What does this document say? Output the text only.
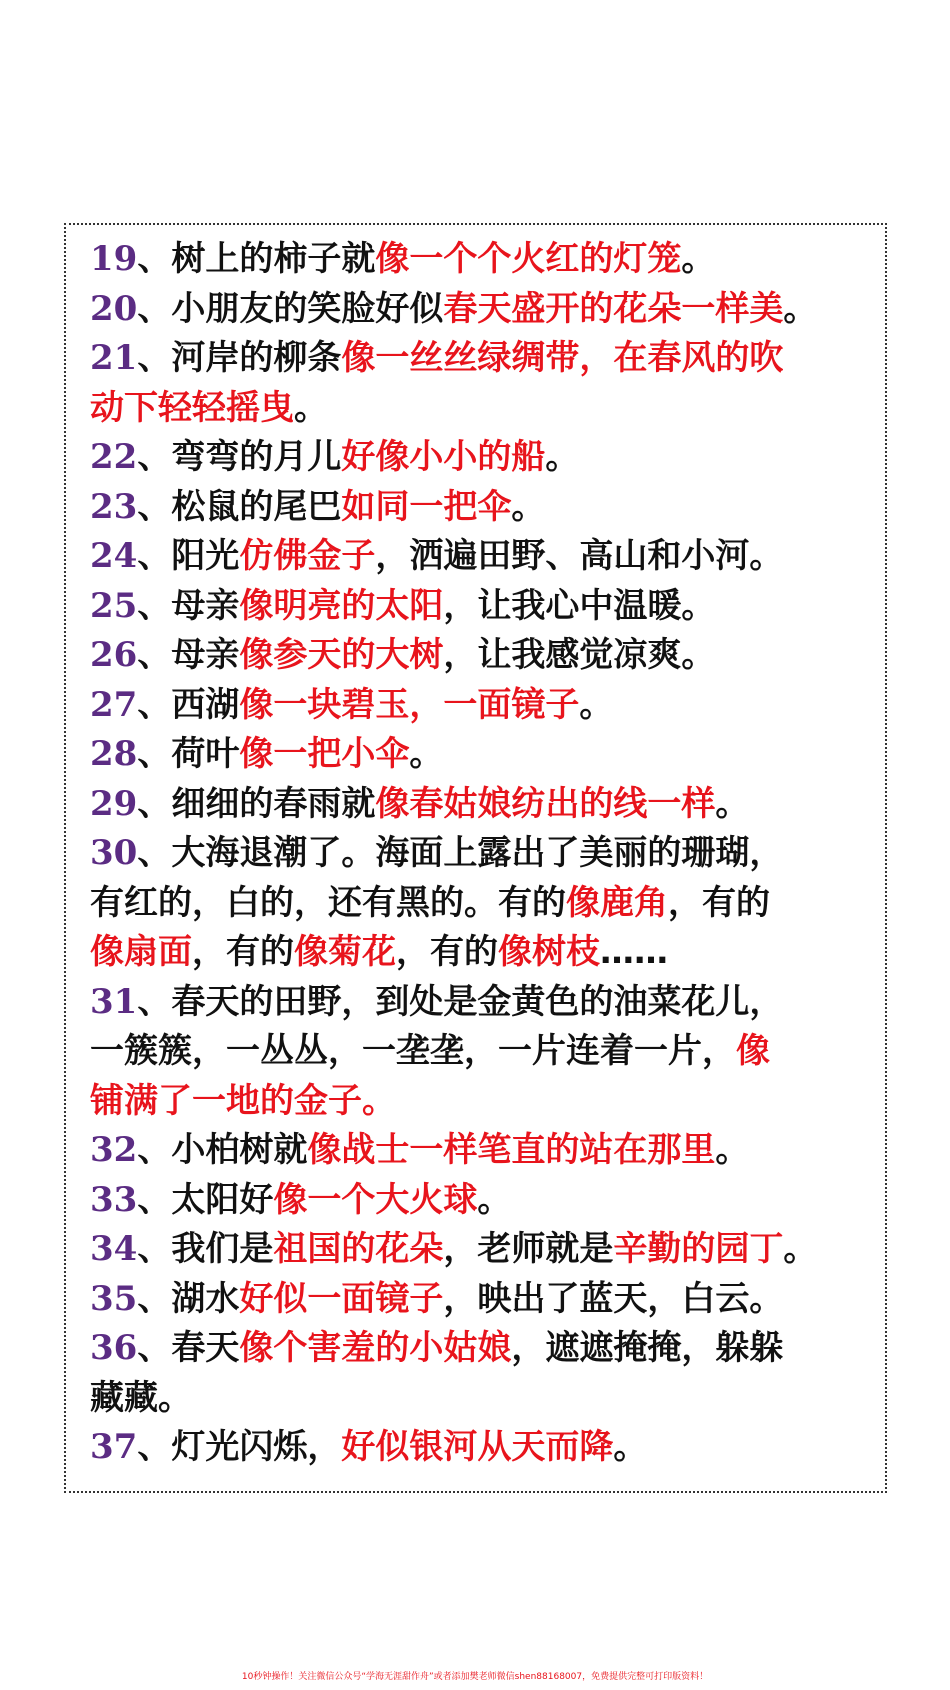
19、树上的柿子就像一个个火红的灯笼。
20、小朋友的笑脸好似春天盛开的花朵一样美。
21、河岸的柳条像一丝丝绿绸带，在春风的吹
动下轻轻摇曳。
22、弯弯的月儿好像小小的船。
23、松鼠的尾巴如同一把伞。
24、阳光仿佛金子，洒遍田野、高山和小河。
25、母亲像明亮的太阳，让我心中温暖。
26、母亲像参天的大树，让我感觉凉爽。
27、西湖像一块碧玉，一面镜子。
28、荷叶像一把小伞。
29、细细的春雨就像春姑娘纺出的线一样。
30、大海退潮了。海面上露出了美丽的珊瑚，
有红的，白的，还有黑的。有的像鹿角，有的
像扇面，有的像菊花，有的像树枝……
31、春天的田野，到处是金黄色的油菜花儿，
一簇簇，一丛丛，一垄垄，一片连着一片，像
铺满了一地的金子。
32、小柏树就像战士一样笔直的站在那里。
33、太阳好像一个大火球。
34、我们是祖国的花朵，老师就是辛勤的园丁。
35、湖水好似一面镜子，映出了蓝天，白云。
36、春天像个害羞的小姑娘，遮遮掩掩，躲躲
藏藏。
37、灯光闪烁，好似银河从天而降。
10秒钟操作！关注微信公众号“学海无涯甜作舟”或者添加樊老师微信shen88168007，免费提供完整可打印版资料！
